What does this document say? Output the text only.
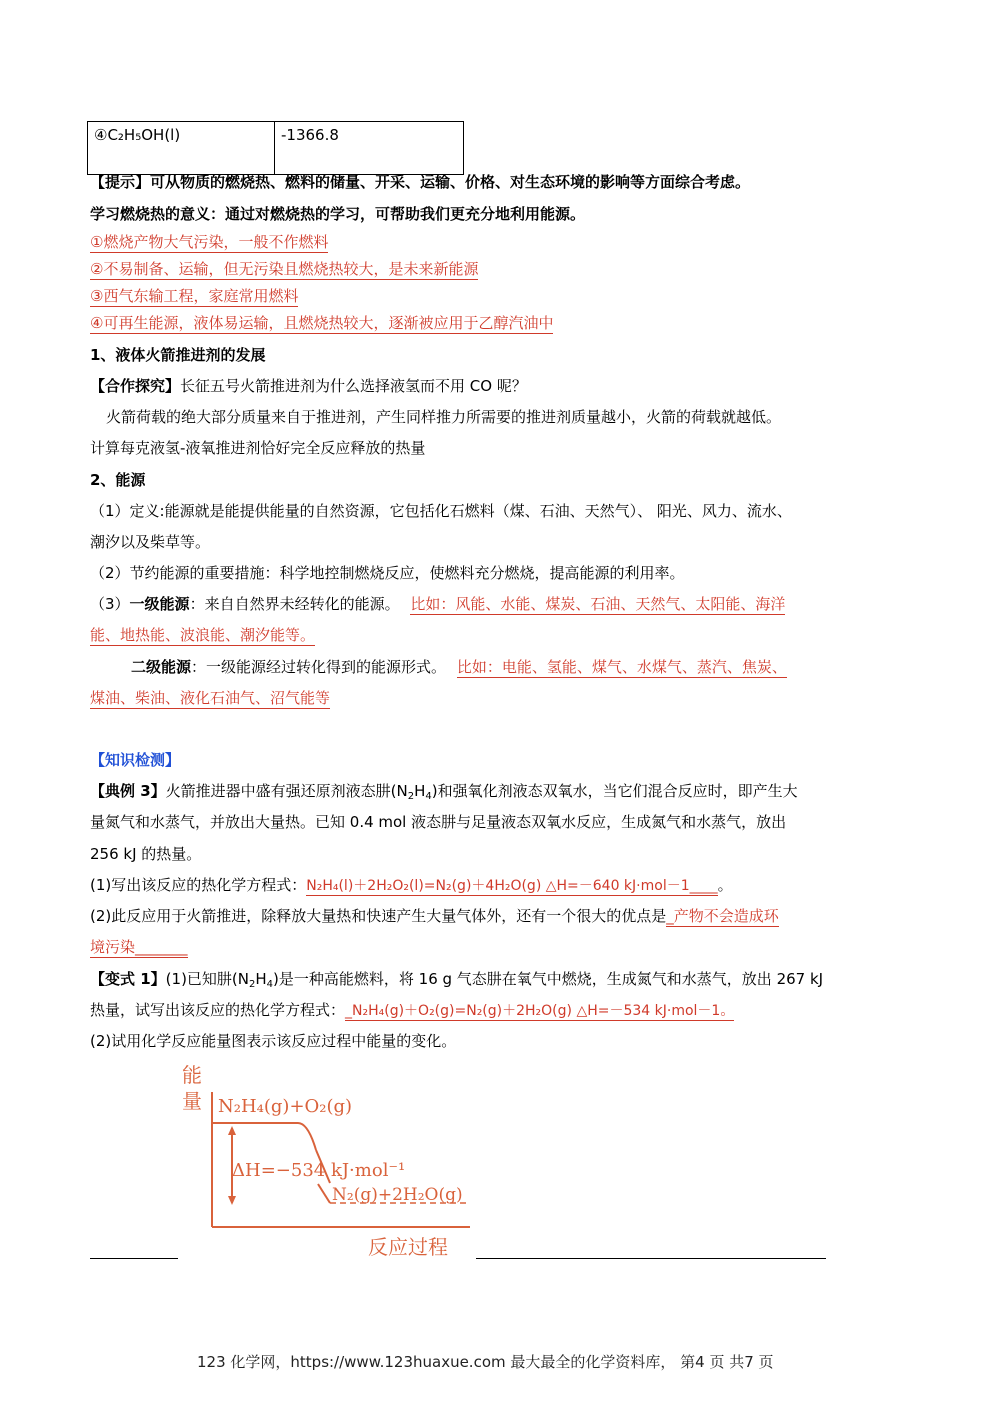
④C₂H₅OH(l)	-1366.8
【提示】可从物质的燃烧热、燃料的储量、开采、运输、价格、对生态环境的影响等方面综合考虑。
学习燃烧热的意义：通过对燃烧热的学习，可帮助我们更充分地利用能源。
①燃烧产物大气污染，一般不作燃料
②不易制备、运输，但无污染且燃烧热较大，是未来新能源
③西气东输工程，家庭常用燃料
④可再生能源，液体易运输，且燃烧热较大，逐渐被应用于乙醇汽油中
1、液体火箭推进剂的发展
【合作探究】长征五号火箭推进剂为什么选择液氢而不用 CO 呢？
火箭荷载的绝大部分质量来自于推进剂，产生同样推力所需要的推进剂质量越小，火箭的荷载就越低。
计算每克液氢-液氧推进剂恰好完全反应释放的热量
2、能源
（1）定义:能源就是能提供能量的自然资源，它包括化石燃料（煤、石油、天然气）、 阳光、风力、流水、
潮汐以及柴草等。
（2）节约能源的重要措施：科学地控制燃烧反应，使燃料充分燃烧，提高能源的利用率。
（3）一级能源：来自自然界未经转化的能源。 比如：风能、水能、煤炭、石油、天然气、太阳能、海洋
能、地热能、波浪能、潮汐能等。
二级能源：一级能源经过转化得到的能源形式。 比如：电能、氢能、煤气、水煤气、蒸汽、焦炭、
煤油、柴油、液化石油气、沼气能等
【知识检测】
【典例 3】火箭推进器中盛有强还原剂液态肼$(N_2H_4)$和强氧化剂液态双氧水，当它们混合反应时，即产生大
量氮气和水蒸气，并放出大量热。已知 0.4 mol 液态肼与足量液态双氧水反应，生成氮气和水蒸气，放出
256 kJ 的热量。
(1)写出该反应的热化学方程式：N₂H₄(l)＋2H₂O₂(l)=N₂(g)＋4H₂O(g) △H=－640 kJ·mol－1____。
(2)此反应用于火箭推进，除释放大量热和快速产生大量气体外，还有一个很大的优点是_产物不会造成环
境污染_______
【变式 1】(1)已知肼$(N_2H_4)$是一种高能燃料，将 16 g 气态肼在氧气中燃烧，生成氮气和水蒸气，放出 267 kJ
热量，试写出该反应的热化学方程式：_N₂H₄(g)＋O₂(g)=N₂(g)＋2H₂O(g) △H=－534 kJ·mol－1。
(2)试用化学反应能量图表示该反应过程中能量的变化。
能
量 N₂H₄(g)+O₂(g)
ΔH=−534 kJ·mol⁻¹
N₂(g)+2H₂O(g)
反应过程
123 化学网，https://www.123huaxue.com 最大最全的化学资料库， 第4 页 共7 页
